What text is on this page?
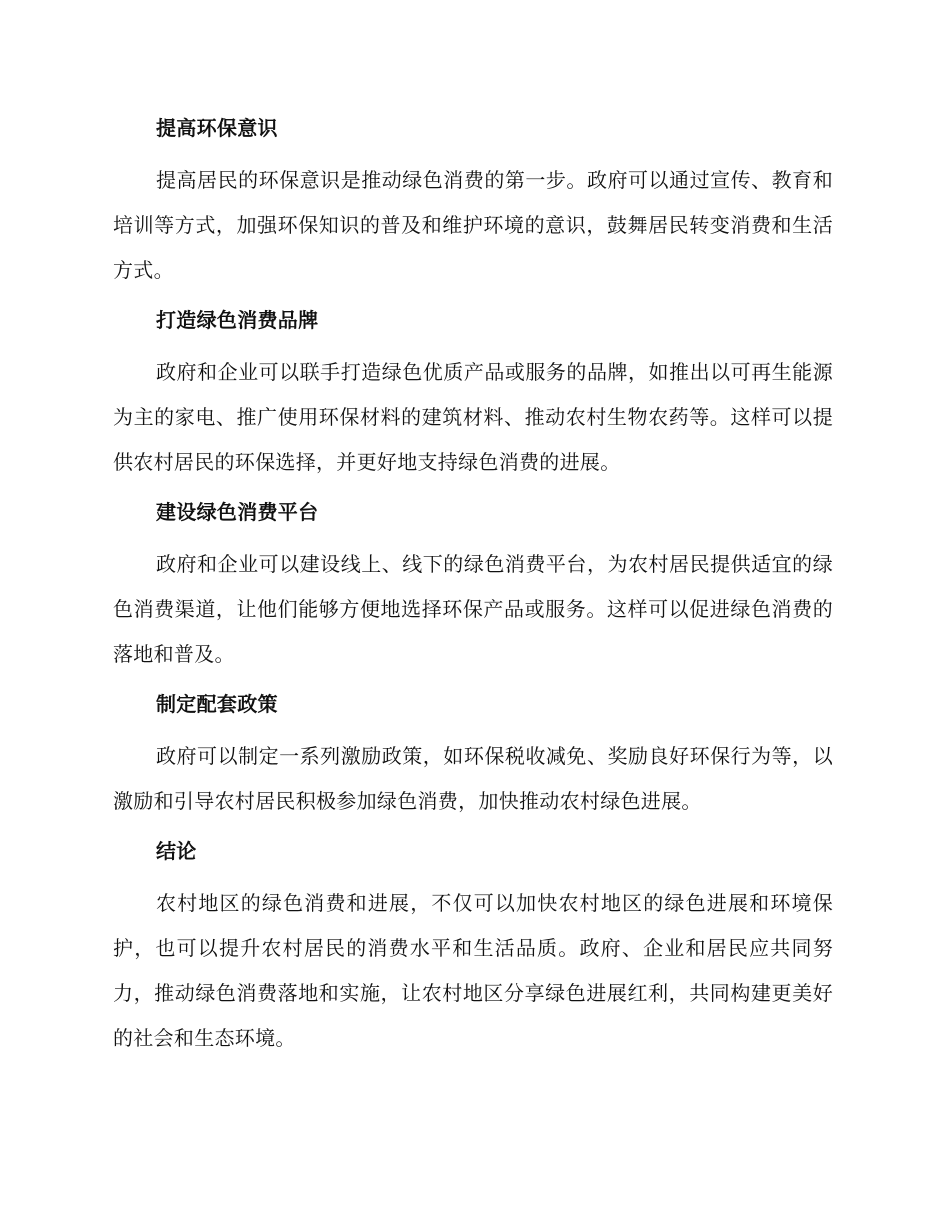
提高环保意识
提高居民的环保意识是推动绿色消费的第一步。政府可以通过宣传、教育和培训等方式，加强环保知识的普及和维护环境的意识，鼓舞居民转变消费和生活方式。
打造绿色消费品牌
政府和企业可以联手打造绿色优质产品或服务的品牌，如推出以可再生能源为主的家电、推广使用环保材料的建筑材料、推动农村生物农药等。这样可以提供农村居民的环保选择，并更好地支持绿色消费的进展。
建设绿色消费平台
政府和企业可以建设线上、线下的绿色消费平台，为农村居民提供适宜的绿色消费渠道，让他们能够方便地选择环保产品或服务。这样可以促进绿色消费的落地和普及。
制定配套政策
政府可以制定一系列激励政策，如环保税收减免、奖励良好环保行为等，以激励和引导农村居民积极参加绿色消费，加快推动农村绿色进展。
结论
农村地区的绿色消费和进展，不仅可以加快农村地区的绿色进展和环境保护，也可以提升农村居民的消费水平和生活品质。政府、企业和居民应共同努力，推动绿色消费落地和实施，让农村地区分享绿色进展红利，共同构建更美好的社会和生态环境。
